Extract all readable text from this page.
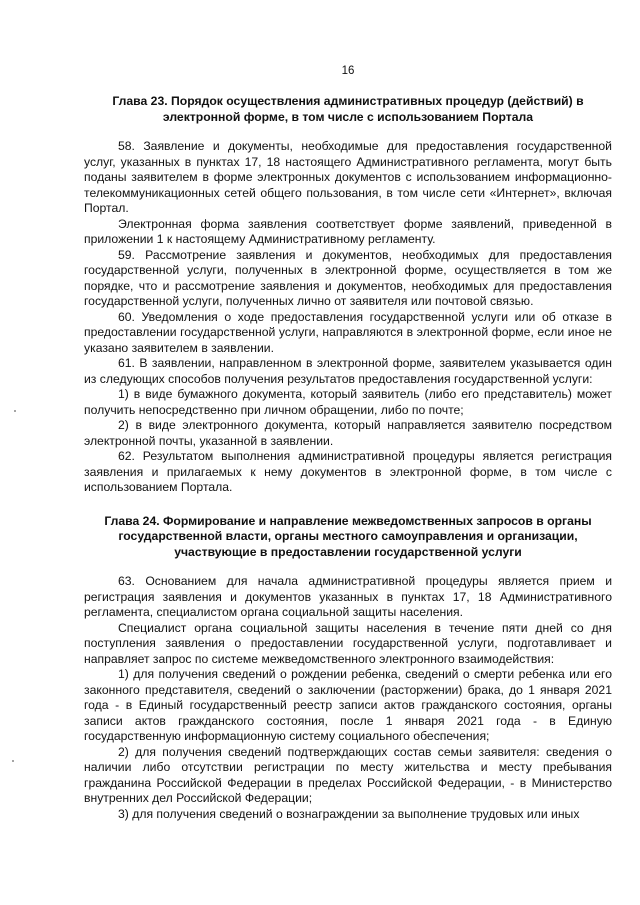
16
Глава 23. Порядок осуществления административных процедур (действий) в электронной форме, в том числе с использованием Портала

58. Заявление и документы, необходимые для предоставления государственной услуг, указанных в пунктах 17, 18 настоящего Административного регламента, могут быть поданы заявителем в форме электронных документов с использованием информационно-телекоммуникационных сетей общего пользования, в том числе сети «Интернет», включая Портал.

Электронная форма заявления соответствует форме заявлений, приведенной в приложении 1 к настоящему Административному регламенту.

59. Рассмотрение заявления и документов, необходимых для предоставления государственной услуги, полученных в электронной форме, осуществляется в том же порядке, что и рассмотрение заявления и документов, необходимых для предоставления государственной услуги, полученных лично от заявителя или почтовой связью.

60. Уведомления о ходе предоставления государственной услуги или об отказе в предоставлении государственной услуги, направляются в электронной форме, если иное не указано заявителем в заявлении.

61. В заявлении, направленном в электронной форме, заявителем указывается один из следующих способов получения результатов предоставления государственной услуги:

1) в виде бумажного документа, который заявитель (либо его представитель) может получить непосредственно при личном обращении, либо по почте;

2) в виде электронного документа, который направляется заявителю посредством электронной почты, указанной в заявлении.

62. Результатом выполнения административной процедуры является регистрация заявления и прилагаемых к нему документов в электронной форме, в том числе с использованием Портала.

Глава 24. Формирование и направление межведомственных запросов в органы государственной власти, органы местного самоуправления и организации, участвующие в предоставлении государственной услуги

63. Основанием для начала административной процедуры является прием и регистрация заявления и документов указанных в пунктах 17, 18 Административного регламента, специалистом органа социальной защиты населения.

Специалист органа социальной защиты населения в течение пяти дней со дня поступления заявления о предоставлении государственной услуги, подготавливает и направляет запрос по системе межведомственного электронного взаимодействия:

1) для получения сведений о рождении ребенка, сведений о смерти ребенка или его законного представителя, сведений о заключении (расторжении) брака, до 1 января 2021 года - в Единый государственный реестр записи актов гражданского состояния, органы записи актов гражданского состояния, после 1 января 2021 года - в Единую государственную информационную систему социального обеспечения;

2) для получения сведений подтверждающих состав семьи заявителя: сведения о наличии либо отсутствии регистрации по месту жительства и месту пребывания гражданина Российской Федерации в пределах Российской Федерации, - в Министерство внутренних дел Российской Федерации;

3) для получения сведений о вознаграждении за выполнение трудовых или иных
